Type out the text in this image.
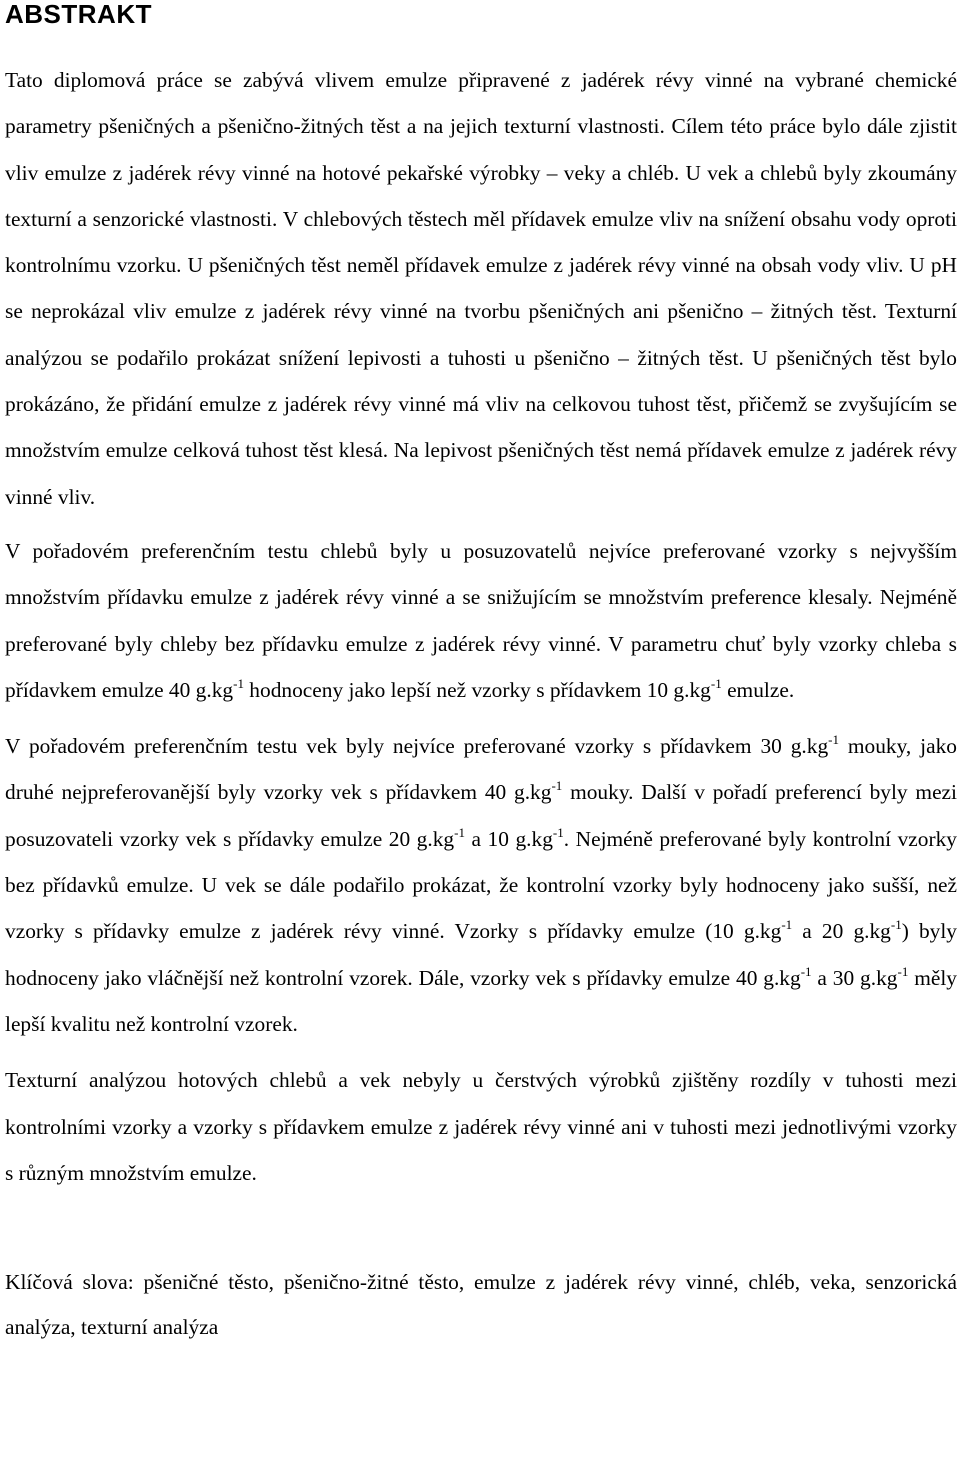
ABSTRAKT

Tato diplomová práce se zabývá vlivem emulze připravené z jadérek révy vinné na vybrané chemické parametry pšeničných a pšenično-žitných těst a na jejich texturní vlastnosti. Cílem této práce bylo dále zjistit vliv emulze z jadérek révy vinné na hotové pekařské výrobky – veky a chléb. U vek a chlebů byly zkoumány texturní a senzorické vlastnosti. V chlebových těstech měl přídavek emulze vliv na snížení obsahu vody oproti kontrolnímu vzorku. U pšeničných těst neměl přídavek emulze z jadérek révy vinné na obsah vody vliv. U pH se neprokázal vliv emulze z jadérek révy vinné na tvorbu pšeničných ani pšenično – žitných těst. Texturní analýzou se podařilo prokázat snížení lepivosti a tuhosti u pšenično – žitných těst. U pšeničných těst bylo prokázáno, že přidání emulze z jadérek révy vinné má vliv na celkovou tuhost těst, přičemž se zvyšujícím se množstvím emulze celková tuhost těst klesá. Na lepivost pšeničných těst nemá přídavek emulze z jadérek révy vinné vliv.

V pořadovém preferenčním testu chlebů byly u posuzovatelů nejvíce preferované vzorky s nejvyšším množstvím přídavku emulze z jadérek révy vinné a se snižujícím se množstvím preference klesaly. Nejméně preferované byly chleby bez přídavku emulze z jadérek révy vinné. V parametru chuť byly vzorky chleba s přídavkem emulze 40 $g.kg^{-1}$ hodnoceny jako lepší než vzorky s přídavkem 10 $g.kg^{-1}$ emulze.

V pořadovém preferenčním testu vek byly nejvíce preferované vzorky s přídavkem 30 $g.kg^{-1}$ mouky, jako druhé nejpreferovanější byly vzorky vek s přídavkem 40 $g.kg^{-1}$ mouky. Další v pořadí preferencí byly mezi posuzovateli vzorky vek s přídavky emulze 20 $g.kg^{-1}$ a 10 $g.kg^{-1}$. Nejméně preferované byly kontrolní vzorky bez přídavků emulze. U vek se dále podařilo prokázat, že kontrolní vzorky byly hodnoceny jako sušší, než vzorky s přídavky emulze z jadérek révy vinné. Vzorky s přídavky emulze (10 $g.kg^{-1}$ a 20 $g.kg^{-1}$) byly hodnoceny jako vláčnější než kontrolní vzorek. Dále, vzorky vek s přídavky emulze 40 $g.kg^{-1}$ a 30 $g.kg^{-1}$ měly lepší kvalitu než kontrolní vzorek.

Texturní analýzou hotových chlebů a vek nebyly u čerstvých výrobků zjištěny rozdíly v tuhosti mezi kontrolními vzorky a vzorky s přídavkem emulze z jadérek révy vinné ani v tuhosti mezi jednotlivými vzorky s různým množstvím emulze.

Klíčová slova: pšeničné těsto, pšenično-žitné těsto, emulze z jadérek révy vinné, chléb, veka, senzorická analýza, texturní analýza
